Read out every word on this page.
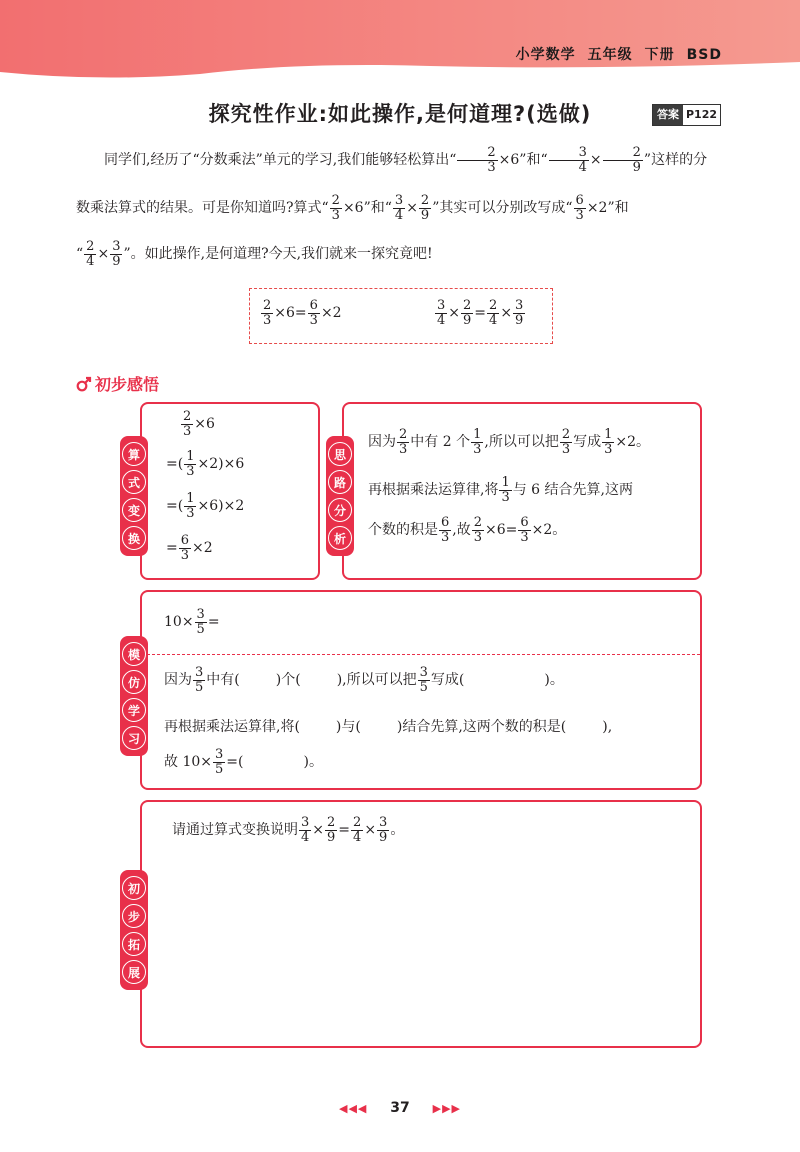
小学数学 五年级 下册 BSD
探究性作业:如此操作,是何道理?(选做)	答案 P122
同学们,经历了“分数乘法”单元的学习,我们能够轻松算出“ $\frac{2}{3} \times 6$”和“ $\frac{3}{4} \times \frac{2}{9}$ ”这样的分
数乘法算式的结果。可是你知道吗?算式“ $\frac{2}{3} \times 6$”和“ $\frac{3}{4} \times \frac{2}{9}$ ”其实可以分别改写成“ $\frac{6}{3} \times 2$”和
“ $\frac{2}{4} \times \frac{3}{9}$ ”。如此操作,是何道理?今天,我们就来一探究竟吧!
$\frac{2}{3} \times 6= \frac{6}{3} \times 2$	$\frac{3}{4} \times \frac{2}{9} = \frac{2}{4} \times \frac{3}{9}$
初步感悟
$\frac{2}{3} \times 6$
=( $\frac{1}{3} \times 2)\times 6$
=( $\frac{1}{3} \times 6)\times 2$
= $\frac{6}{3} \times 2$
算
式
变
换
因为 $\frac{2}{3}$ 中有 2 个 $\frac{1}{3}$ ,所以可以把 $\frac{2}{3}$ 写成 $\frac{1}{3} \times 2$。
再根据乘法运算律,将 $\frac{1}{3}$ 与 6 结合先算,这两
个数的积是 $\frac{6}{3}$ ,故 $\frac{2}{3} \times 6= \frac{6}{3} \times 2$。
思
路
分
析
$10\times \frac{3}{5}$ =
因为 $\frac{3}{5}$ 中有(	)个(	),所以可以把 $\frac{3}{5}$ 写成(	)。
再根据乘法运算律,将(	)与(	)结合先算,这两个数的积是(	),
故 $10\times \frac{3}{5}$ =(	)。
模
仿
学
习
请通过算式变换说明 $\frac{3}{4} \times \frac{2}{9} = \frac{2}{4} \times \frac{3}{9}$ 。
初
步
拓
展
◀◀◀ 37 ▶▶▶
